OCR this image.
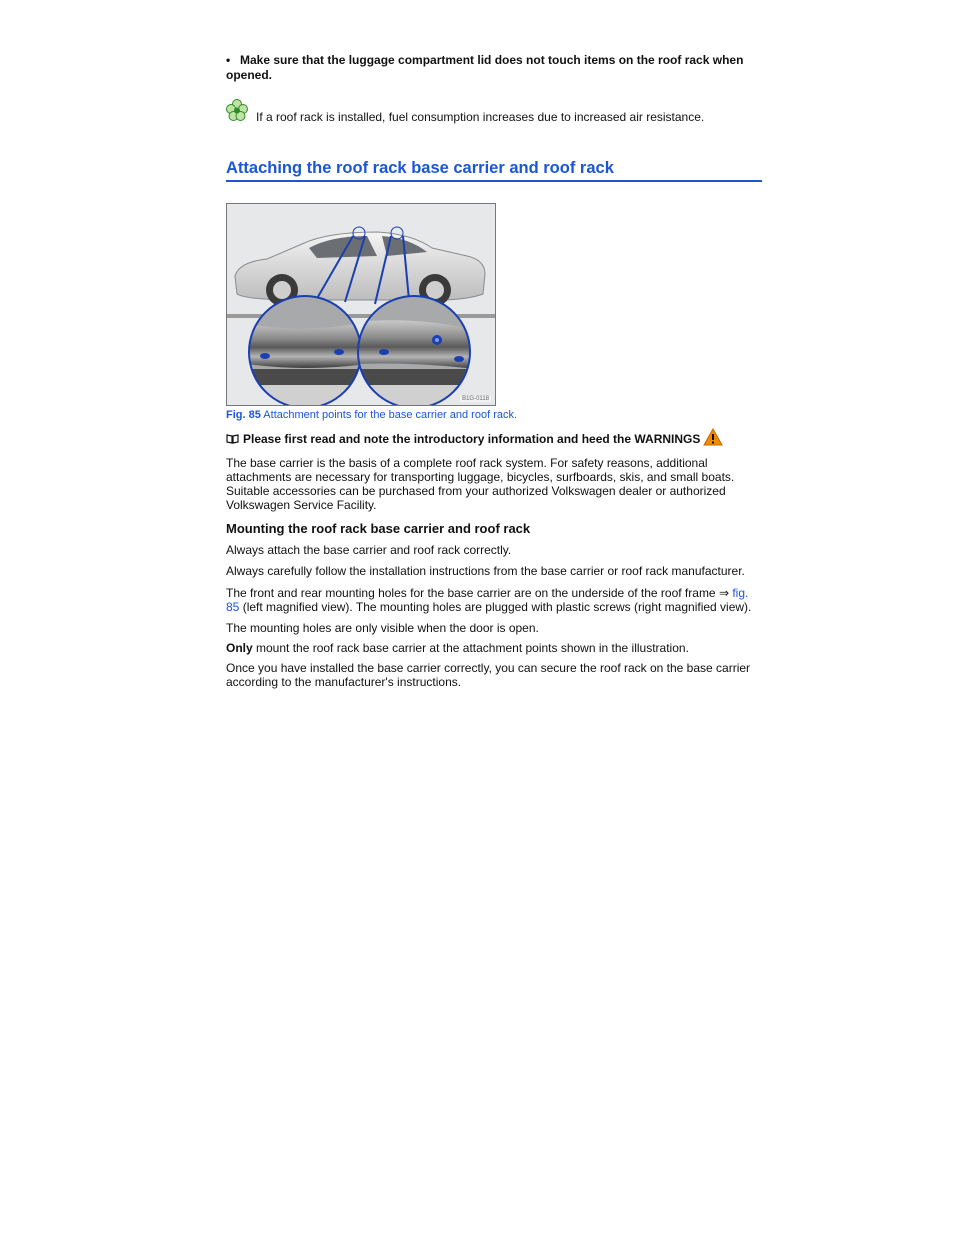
• Make sure that the luggage compartment lid does not touch items on the roof rack when opened.
If a roof rack is installed, fuel consumption increases due to increased air resistance.
Attaching the roof rack base carrier and roof rack
B1G-0118
Fig. 85 Attachment points for the base carrier and roof rack.
Please first read and note the introductory information and heed the WARNINGS
The base carrier is the basis of a complete roof rack system. For safety reasons, additional attachments are necessary for transporting luggage, bicycles, surfboards, skis, and small boats. Suitable accessories can be purchased from your authorized Volkswagen dealer or authorized Volkswagen Service Facility.
Mounting the roof rack base carrier and roof rack
Always attach the base carrier and roof rack correctly.
Always carefully follow the installation instructions from the base carrier or roof rack manufacturer.
The front and rear mounting holes for the base carrier are on the underside of the roof frame ⇒ fig. 85 (left magnified view). The mounting holes are plugged with plastic screws (right magnified view).
The mounting holes are only visible when the door is open.
Only mount the roof rack base carrier at the attachment points shown in the illustration.
Once you have installed the base carrier correctly, you can secure the roof rack on the base carrier according to the manufacturer's instructions.
